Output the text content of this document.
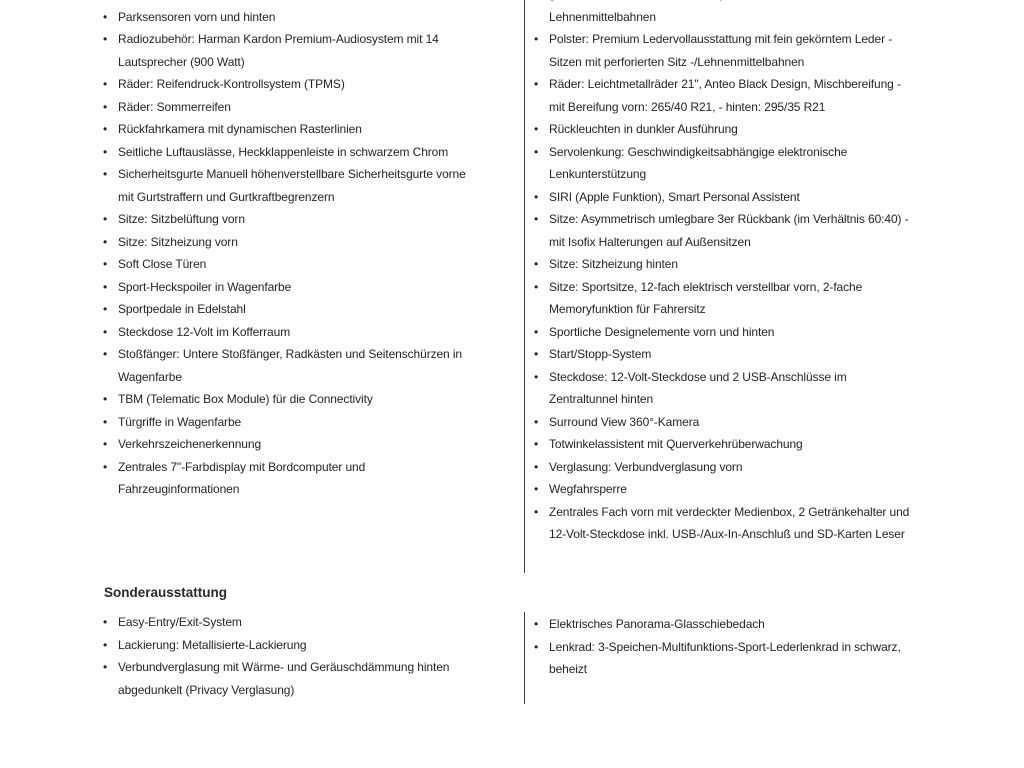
• Parksensoren vorn und hinten
• Radiozubehör: Harman Kardon Premium-Audiosystem mit 14
Lautsprecher (900 Watt)
• Räder: Reifendruck-Kontrollsystem (TPMS)
• Räder: Sommerreifen
• Rückfahrkamera mit dynamischen Rasterlinien
• Seitliche Luftauslässe, Heckklappenleiste in schwarzem Chrom
• Sicherheitsgurte Manuell höhenverstellbare Sicherheitsgurte vorne
mit Gurtstraffern und Gurtkraftbegrenzern
• Sitze: Sitzbelüftung vorn
• Sitze: Sitzheizung vorn
• Soft Close Türen
• Sport-Heckspoiler in Wagenfarbe
• Sportpedale in Edelstahl
• Steckdose 12-Volt im Kofferraum
• Stoßfänger: Untere Stoßfänger, Radkästen und Seitenschürzen in
Wagenfarbe
• TBM (Telematic Box Module) für die Connectivity
• Türgriffe in Wagenfarbe
• Verkehrszeichenerkennung
• Zentrales 7"-Farbdisplay mit Bordcomputer und
Fahrzeuginformationen
Lehnenmittelbahnen
• Polster: Premium Ledervollausstattung mit fein gekörntem Leder -
Sitzen mit perforierten Sitz -/Lehnenmittelbahnen
• Räder: Leichtmetallräder 21", Anteo Black Design, Mischbereifung -
mit Bereifung vorn: 265/40 R21, - hinten: 295/35 R21
• Rückleuchten in dunkler Ausführung
• Servolenkung: Geschwindigkeitsabhängige elektronische
Lenkunterstützung
• SIRI (Apple Funktion), Smart Personal Assistent
• Sitze: Asymmetrisch umlegbare 3er Rückbank (im Verhältnis 60:40) -
mit Isofix Halterungen auf Außensitzen
• Sitze: Sitzheizung hinten
• Sitze: Sportsitze, 12-fach elektrisch verstellbar vorn, 2-fache
Memoryfunktion für Fahrersitz
• Sportliche Designelemente vorn und hinten
• Start/Stopp-System
• Steckdose: 12-Volt-Steckdose und 2 USB-Anschlüsse im
Zentraltunnel hinten
• Surround View 360°-Kamera
• Totwinkelassistent mit Querverkehrüberwachung
• Verglasung: Verbundverglasung vorn
• Wegfahrsperre
• Zentrales Fach vorn mit verdeckter Medienbox, 2 Getränkehalter und
12-Volt-Steckdose inkl. USB-/Aux-In-Anschluß und SD-Karten Leser
Sonderausstattung
• Easy-Entry/Exit-System
• Lackierung: Metallisierte-Lackierung
• Verbundverglasung mit Wärme- und Geräuschdämmung hinten
abgedunkelt (Privacy Verglasung)
• Elektrisches Panorama-Glasschiebedach
• Lenkrad: 3-Speichen-Multifunktions-Sport-Lederlenkrad in schwarz,
beheizt
